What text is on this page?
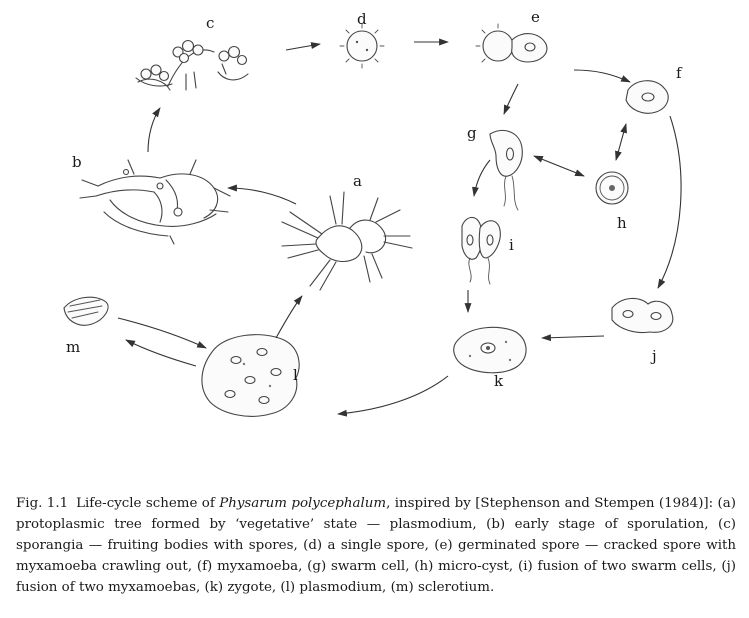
a
b
c	d	e
f
g
h
i
j
k
l
m

Fig. 1.1 Life-cycle scheme of Physarum polycephalum, inspired by [Stephenson and Stempen (1984)]: (a) protoplasmic tree formed by ‘vegetative’ state — plasmodium, (b) early stage of sporulation, (c) sporangia — fruiting bodies with spores, (d) a single spore, (e) germinated spore — cracked spore with myxamoeba crawling out, (f) myxamoeba, (g) swarm cell, (h) micro-cyst, (i) fusion of two swarm cells, (j) fusion of two myxamoebas, (k) zygote, (l) plasmodium, (m) sclerotium.
